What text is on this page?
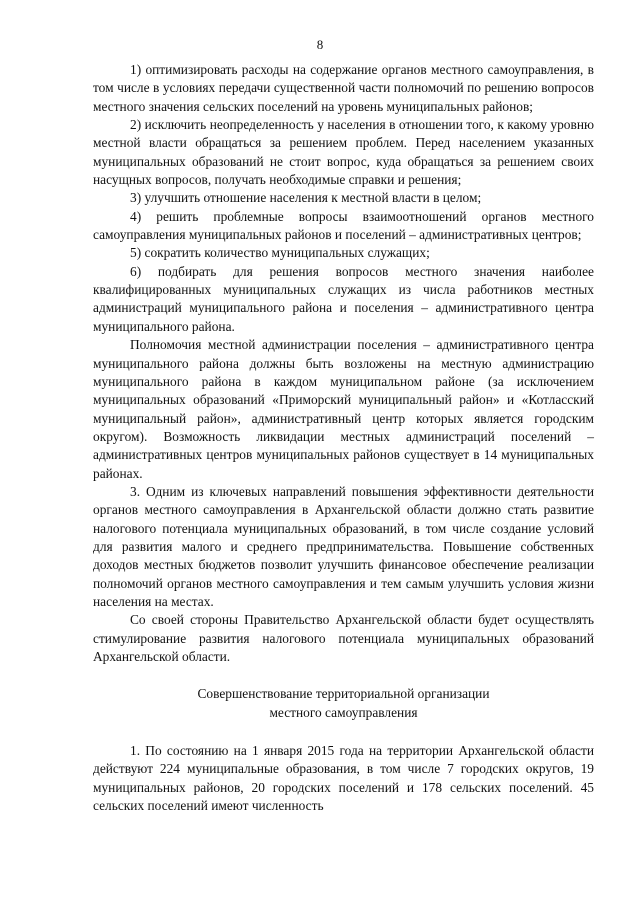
8

1) оптимизировать расходы на содержание органов местного самоуправления, в том числе в условиях передачи существенной части полномочий по решению вопросов местного значения сельских поселений на уровень муниципальных районов;

2) исключить неопределенность у населения в отношении того, к какому уровню местной власти обращаться за решением проблем. Перед населением указанных муниципальных образований не стоит вопрос, куда обращаться за решением своих насущных вопросов, получать необходимые справки и решения;

3) улучшить отношение населения к местной власти в целом;

4) решить проблемные вопросы взаимоотношений органов местного самоуправления муниципальных районов и поселений – административных центров;

5) сократить количество муниципальных служащих;

6) подбирать для решения вопросов местного значения наиболее квалифицированных муниципальных служащих из числа работников местных администраций муниципального района и поселения – административного центра муниципального района.

Полномочия местной администрации поселения – административного центра муниципального района должны быть возложены на местную администрацию муниципального района в каждом муниципальном районе (за исключением муниципальных образований «Приморский муниципальный район» и «Котласский муниципальный район», административный центр которых является городским округом). Возможность ликвидации местных администраций поселений – административных центров муниципальных районов существует в 14 муниципальных районах.

3. Одним из ключевых направлений повышения эффективности деятельности органов местного самоуправления в Архангельской области должно стать развитие налогового потенциала муниципальных образований, в том числе создание условий для развития малого и среднего предпринимательства. Повышение собственных доходов местных бюджетов позволит улучшить финансовое обеспечение реализации полномочий органов местного самоуправления и тем самым улучшить условия жизни населения на местах.

Со своей стороны Правительство Архангельской области будет осуществлять стимулирование развития налогового потенциала муниципальных образований Архангельской области.

Совершенствование территориальной организации

местного самоуправления

1. По состоянию на 1 января 2015 года на территории Архангельской области действуют 224 муниципальные образования, в том числе 7 городских округов, 19 муниципальных районов, 20 городских поселений и 178 сельских поселений. 45 сельских поселений имеют численность
